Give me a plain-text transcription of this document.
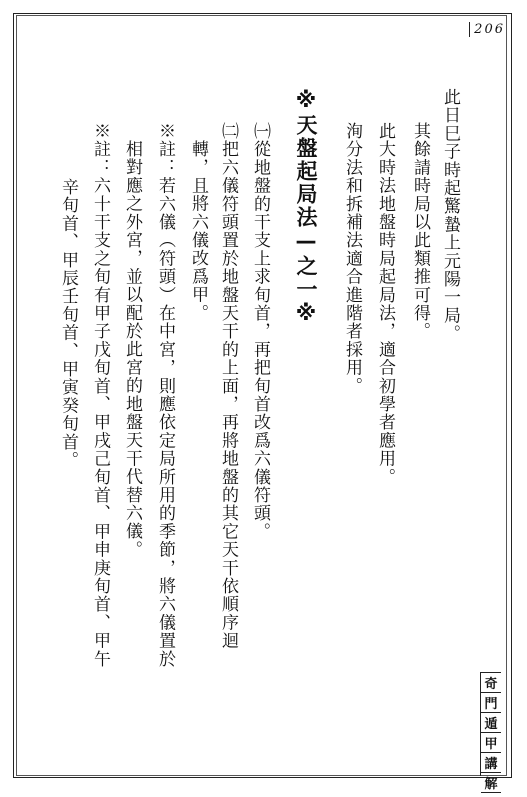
206
此日巳子時起驚蟄上元陽一局。
其餘請時局以此類推可得。
此大時法地盤時局起局法，適合初學者應用。
洵分法和拆補法適合進階者採用。
※天盤起局法—之一※
㈠從地盤的干支上求旬首，再把旬首改爲六儀符頭。
㈡把六儀符頭置於地盤天干的上面，再將地盤的其它天干依順序迴
轉，且將六儀改爲甲。
※註：若六儀（符頭）在中宮，則應依定局所用的季節，將六儀置於
相對應之外宮，並以配於此宮的地盤天干代替六儀。
※註：六十干支之旬有甲子戊旬首、甲戌己旬首、甲申庚旬首、甲午
辛旬首、甲辰壬旬首、甲寅癸旬首。
奇
門
遁
甲
講
解
